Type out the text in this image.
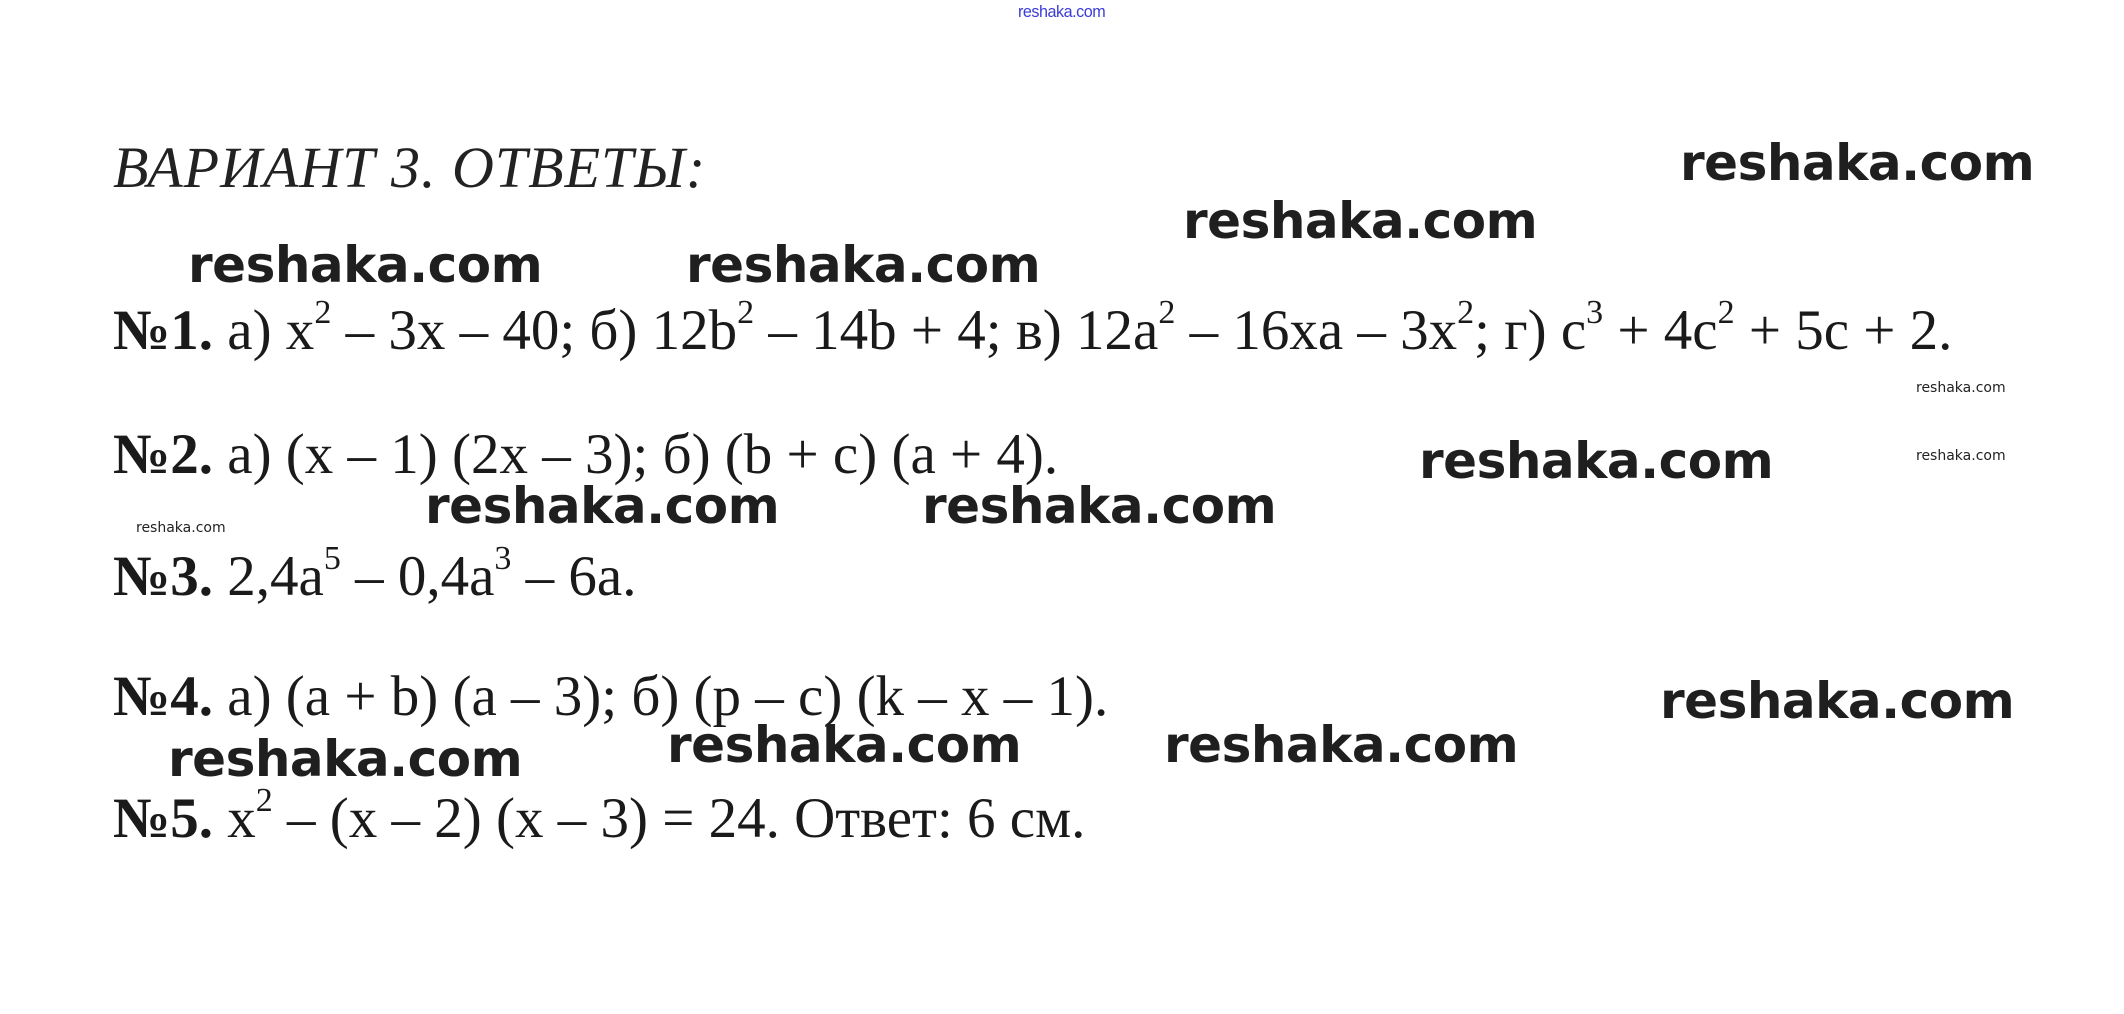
reshaka.com
ВАРИАНТ 3. ОТВЕТЫ:
№1. а) $x^2 - 3x - 40$; б) $12b^2 - 14b + 4$; в) $12a^2 - 16xa - 3x^2$; г) $c^3 + 4c^2 + 5c + 2$.
№2. а) (x – 1) (2x – 3); б) (b + c) (a + 4).
№3. $2,4a^5 - 0,4a^3 - 6a$.
№4. а) (a + b) (a – 3); б) (p – c) (k – x – 1).
№5. $x^2 - (x - 2)$ (x – 3) = 24. Ответ: 6 см.
reshaka.com
reshaka.com
reshaka.com	reshaka.com
reshaka.com
reshaka.com	reshaka.com
reshaka.com
reshaka.com	reshaka.com
reshaka.com
reshaka.com
reshaka.com
reshaka.com
